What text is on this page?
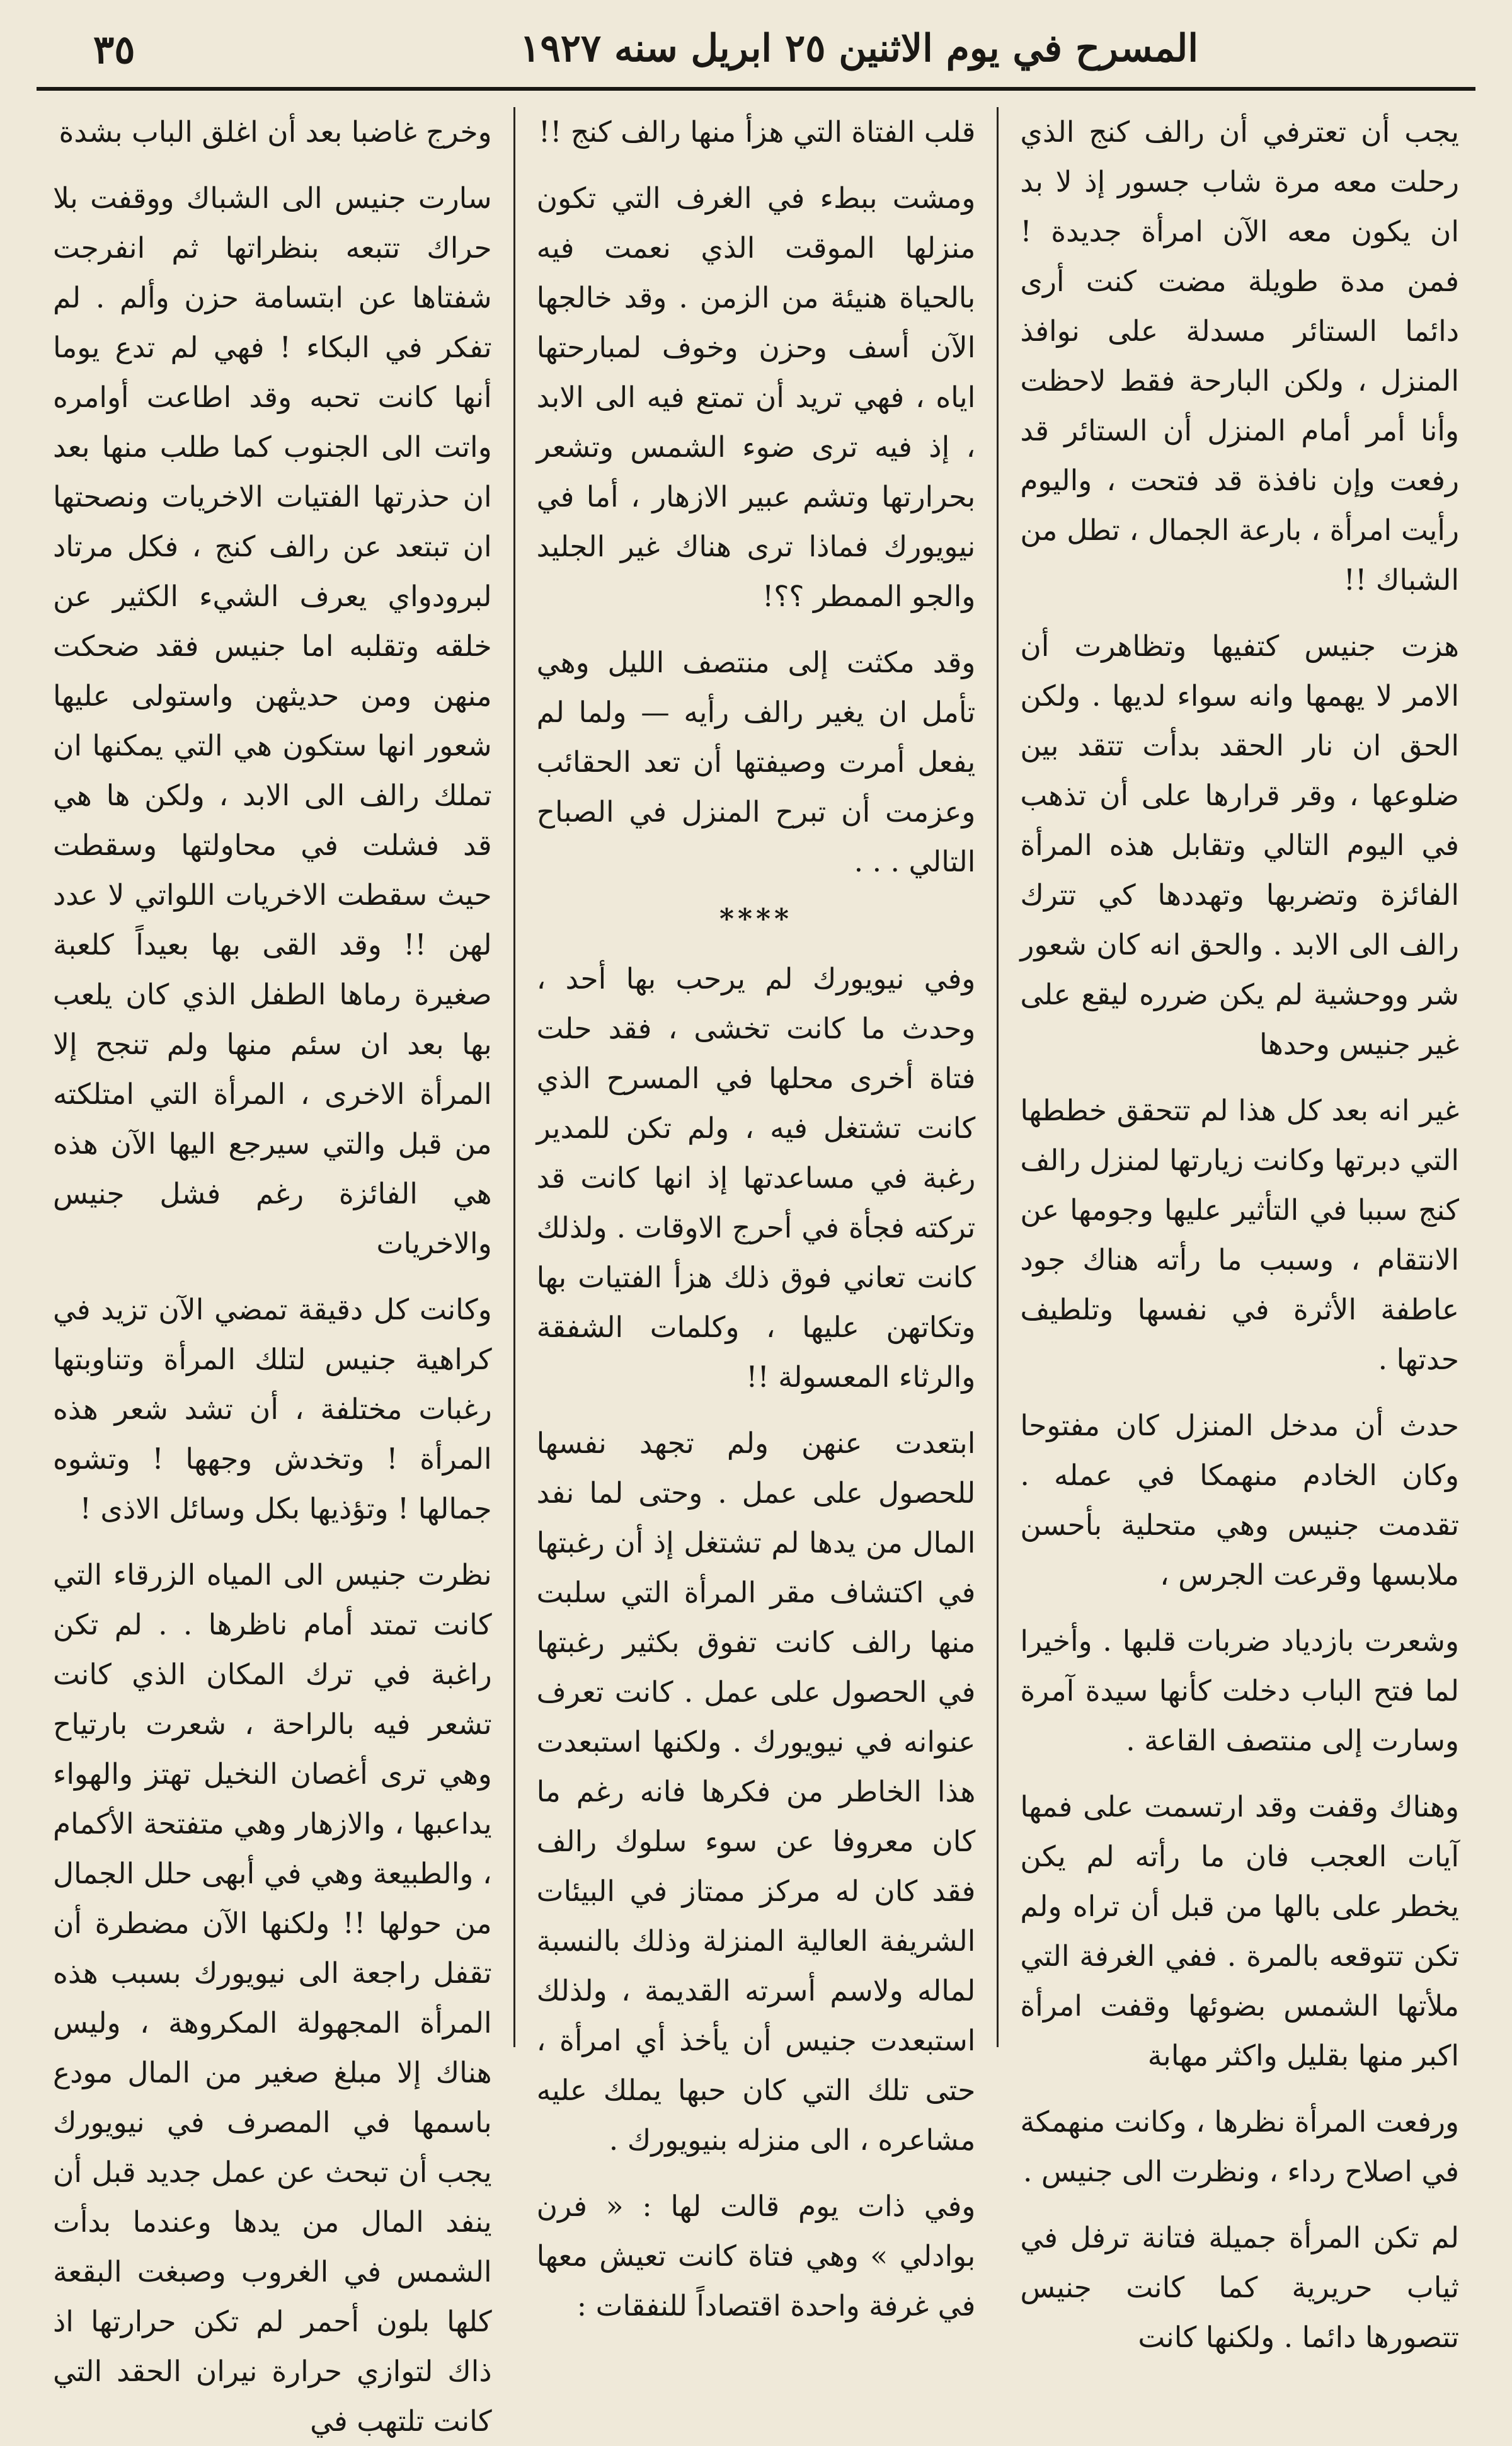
المسرح في يوم الاثنين ٢٥ ابريل سنه ١٩٢٧
٣٥

وخرج غاضبا بعد أن اغلق الباب بشدة

سارت جنيس الى الشباك ووقفت بلا حراك تتبعه بنظراتها ثم انفرجت شفتاها عن ابتسامة حزن وألم . لم تفكر في البكاء ! فهي لم تدع يوما أنها كانت تحبه وقد اطاعت أوامره واتت الى الجنوب كما طلب منها بعد ان حذرتها الفتيات الاخريات ونصحتها ان تبتعد عن رالف كنج ، فكل مرتاد لبرودواي يعرف الشيء الكثير عن خلقه وتقلبه اما جنيس فقد ضحكت منهن ومن حديثهن واستولى عليها شعور انها ستكون هي التي يمكنها ان تملك رالف الى الابد ، ولكن ها هي قد فشلت في محاولتها وسقطت حيث سقطت الاخريات اللواتي لا عدد لهن !! وقد القى بها بعيداً كلعبة صغيرة رماها الطفل الذي كان يلعب بها بعد ان سئم منها ولم تنجح إلا المرأة الاخرى ، المرأة التي امتلكته من قبل والتي سيرجع اليها الآن هذه هي الفائزة رغم فشل جنيس والاخريات

وكانت كل دقيقة تمضي الآن تزيد في كراهية جنيس لتلك المرأة وتناوبتها رغبات مختلفة ، أن تشد شعر هذه المرأة ! وتخدش وجهها ! وتشوه جمالها ! وتؤذيها بكل وسائل الاذى !

نظرت جنيس الى المياه الزرقاء التي كانت تمتد أمام ناظرها . . لم تكن راغبة في ترك المكان الذي كانت تشعر فيه بالراحة ، شعرت بارتياح وهي ترى أغصان النخيل تهتز والهواء يداعبها ، والازهار وهي متفتحة الأكمام ، والطبيعة وهي في أبهى حلل الجمال من حولها !! ولكنها الآن مضطرة أن تقفل راجعة الى نيويورك بسبب هذه المرأة المجهولة المكروهة ، وليس هناك إلا مبلغ صغير من المال مودع باسمها في المصرف في نيويورك يجب أن تبحث عن عمل جديد قبل أن ينفد المال من يدها وعندما بدأت الشمس في الغروب وصبغت البقعة كلها بلون أحمر لم تكن حرارتها اذ ذاك لتوازي حرارة نيران الحقد التي كانت تلتهب في

قلب الفتاة التي هزأ منها رالف كنج !!

ومشت ببطء في الغرف التي تكون منزلها الموقت الذي نعمت فيه بالحياة هنيئة من الزمن . وقد خالجها الآن أسف وحزن وخوف لمبارحتها اياه ، فهي تريد أن تمتع فيه الى الابد ، إذ فيه ترى ضوء الشمس وتشعر بحرارتها وتشم عبير الازهار ، أما في نيويورك فماذا ترى هناك غير الجليد والجو الممطر ؟؟!

وقد مكثت إلى منتصف الليل وهي تأمل ان يغير رالف رأيه — ولما لم يفعل أمرت وصيفتها أن تعد الحقائب وعزمت أن تبرح المنزل في الصباح التالي . . .

****

وفي نيويورك لم يرحب بها أحد ، وحدث ما كانت تخشى ، فقد حلت فتاة أخرى محلها في المسرح الذي كانت تشتغل فيه ، ولم تكن للمدير رغبة في مساعدتها إذ انها كانت قد تركته فجأة في أحرج الاوقات . ولذلك كانت تعاني فوق ذلك هزأ الفتيات بها وتكاتهن عليها ، وكلمات الشفقة والرثاء المعسولة !!

ابتعدت عنهن ولم تجهد نفسها للحصول على عمل . وحتى لما نفد المال من يدها لم تشتغل إذ أن رغبتها في اكتشاف مقر المرأة التي سلبت منها رالف كانت تفوق بكثير رغبتها في الحصول على عمل . كانت تعرف عنوانه في نيويورك . ولكنها استبعدت هذا الخاطر من فكرها فانه رغم ما كان معروفا عن سوء سلوك رالف فقد كان له مركز ممتاز في البيئات الشريفة العالية المنزلة وذلك بالنسبة لماله ولاسم أسرته القديمة ، ولذلك استبعدت جنيس أن يأخذ أي امرأة ، حتى تلك التي كان حبها يملك عليه مشاعره ، الى منزله بنيويورك .

وفي ذات يوم قالت لها : « فرن بوادلي » وهي فتاة كانت تعيش معها في غرفة واحدة اقتصاداً للنفقات :

يجب أن تعترفي أن رالف كنج الذي رحلت معه مرة شاب جسور إذ لا بد ان يكون معه الآن امرأة جديدة ! فمن مدة طويلة مضت كنت أرى دائما الستائر مسدلة على نوافذ المنزل ، ولكن البارحة فقط لاحظت وأنا أمر أمام المنزل أن الستائر قد رفعت وإن نافذة قد فتحت ، واليوم رأيت امرأة ، بارعة الجمال ، تطل من الشباك !!

هزت جنيس كتفيها وتظاهرت أن الامر لا يهمها وانه سواء لديها . ولكن الحق ان نار الحقد بدأت تتقد بين ضلوعها ، وقر قرارها على أن تذهب في اليوم التالي وتقابل هذه المرأة الفائزة وتضربها وتهددها كي تترك رالف الى الابد . والحق انه كان شعور شر ووحشية لم يكن ضرره ليقع على غير جنيس وحدها

غير انه بعد كل هذا لم تتحقق خططها التي دبرتها وكانت زيارتها لمنزل رالف كنج سببا في التأثير عليها وجومها عن الانتقام ، وسبب ما رأته هناك جود عاطفة الأثرة في نفسها وتلطيف حدتها .

حدث أن مدخل المنزل كان مفتوحا وكان الخادم منهمكا في عمله . تقدمت جنيس وهي متحلية بأحسن ملابسها وقرعت الجرس ،

وشعرت بازدياد ضربات قلبها . وأخيرا لما فتح الباب دخلت كأنها سيدة آمرة وسارت إلى منتصف القاعة .

وهناك وقفت وقد ارتسمت على فمها آيات العجب فان ما رأته لم يكن يخطر على بالها من قبل أن تراه ولم تكن تتوقعه بالمرة . ففي الغرفة التي ملأتها الشمس بضوئها وقفت امرأة اكبر منها بقليل واكثر مهابة

ورفعت المرأة نظرها ، وكانت منهمكة في اصلاح رداء ، ونظرت الى جنيس .

لم تكن المرأة جميلة فتانة ترفل في ثياب حريرية كما كانت جنيس تتصورها دائما . ولكنها كانت
